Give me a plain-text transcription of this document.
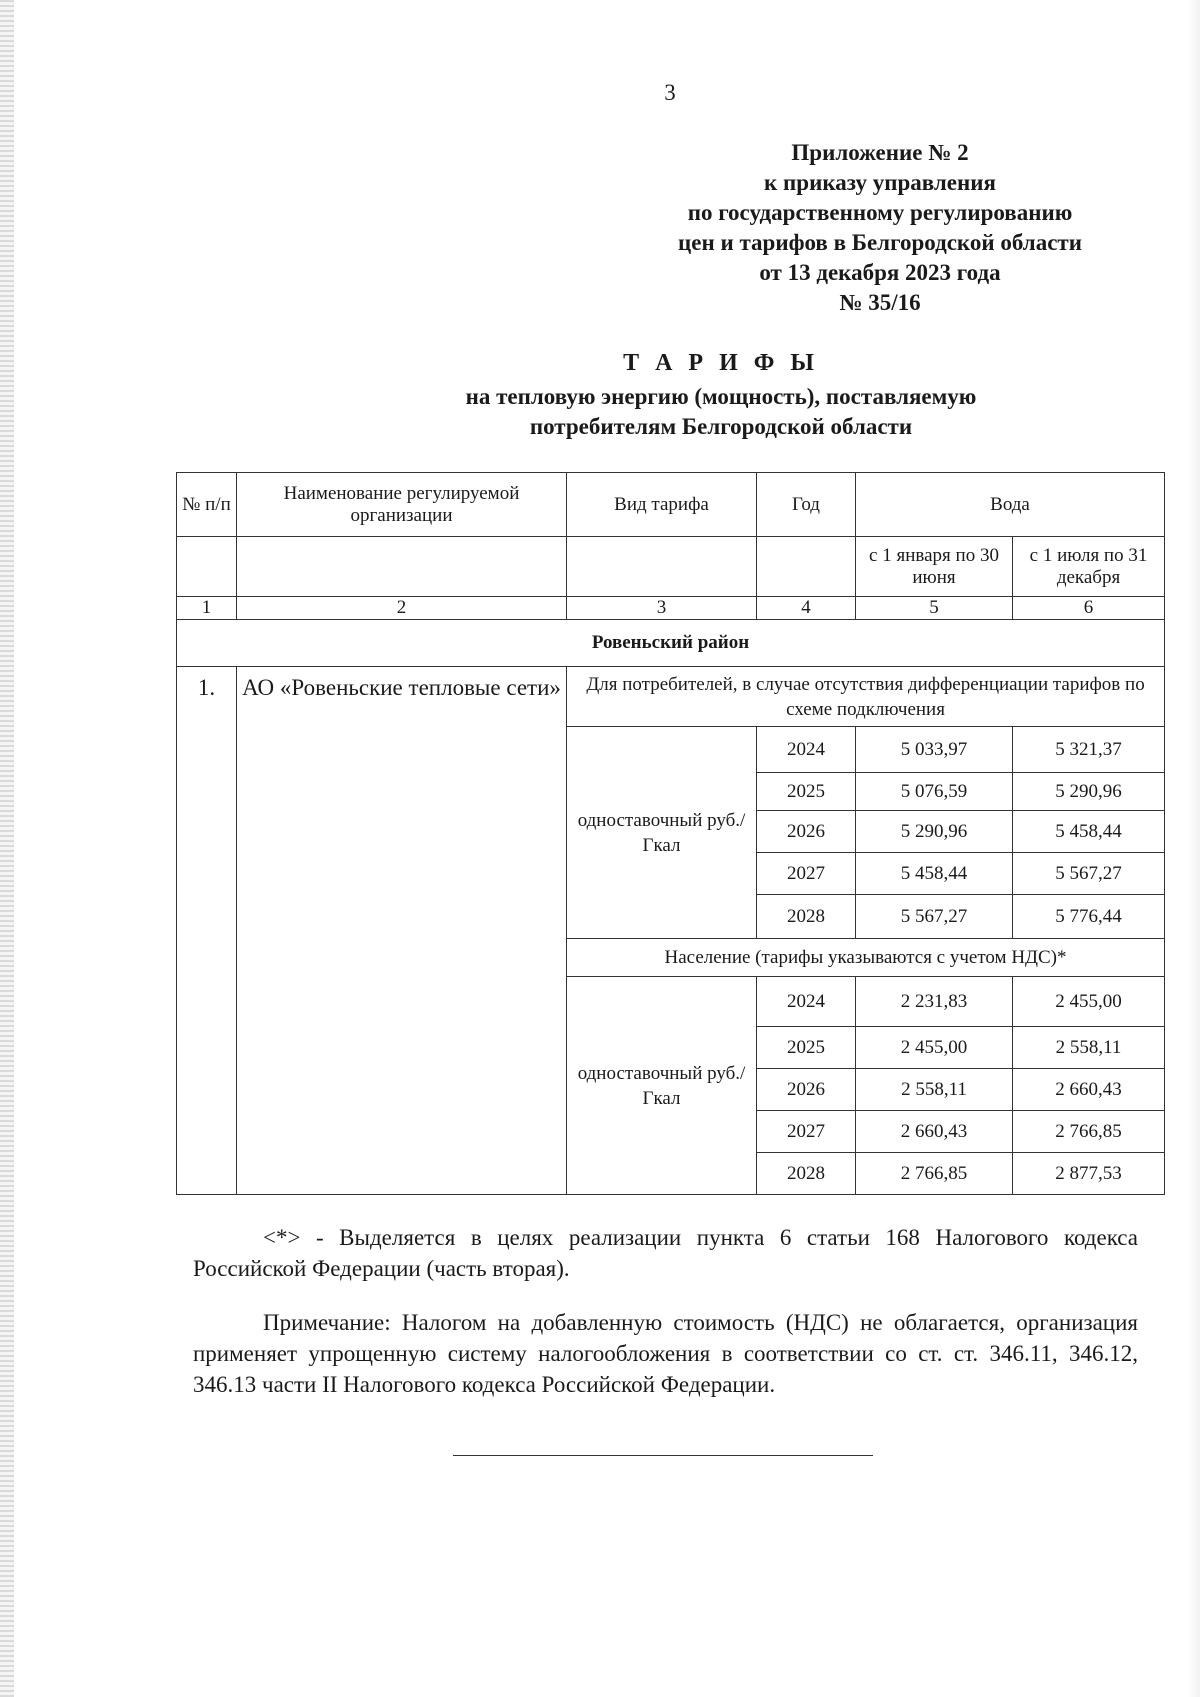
3
Приложение № 2
к приказу управления
по государственному регулированию
цен и тарифов в Белгородской области
от 13 декабря 2023 года
№ 35/16
Т А Р И Ф Ы
на тепловую энергию (мощность), поставляемую
потребителям Белгородской области
№ п/п	Наименование регулируемой организации	Вид тарифа	Год	Вода	
				с 1 января по 30 июня	с 1 июля по 31 декабря
1	2	3	4	5	6
Ровеньский район					
1.	АО «Ровеньские тепловые сети»	Для потребителей, в случае отсутствия дифференциации тарифов по схеме подключения			
		одноставочный руб./Гкал	2024	5 033,97	5 321,37
			2025	5 076,59	5 290,96
			2026	5 290,96	5 458,44
			2027	5 458,44	5 567,27
			2028	5 567,27	5 776,44
		Население (тарифы указываются с учетом НДС)*			
		одноставочный руб./Гкал	2024	2 231,83	2 455,00
			2025	2 455,00	2 558,11
			2026	2 558,11	2 660,43
			2027	2 660,43	2 766,85
			2028	2 766,85	2 877,53
<*> - Выделяется в целях реализации пункта 6 статьи 168 Налогового кодекса Российской Федерации (часть вторая).
Примечание: Налогом на добавленную стоимость (НДС) не облагается, организация применяет упрощенную систему налогообложения в соответствии со ст. ст. 346.11, 346.12, 346.13 части II Налогового кодекса Российской Федерации.
